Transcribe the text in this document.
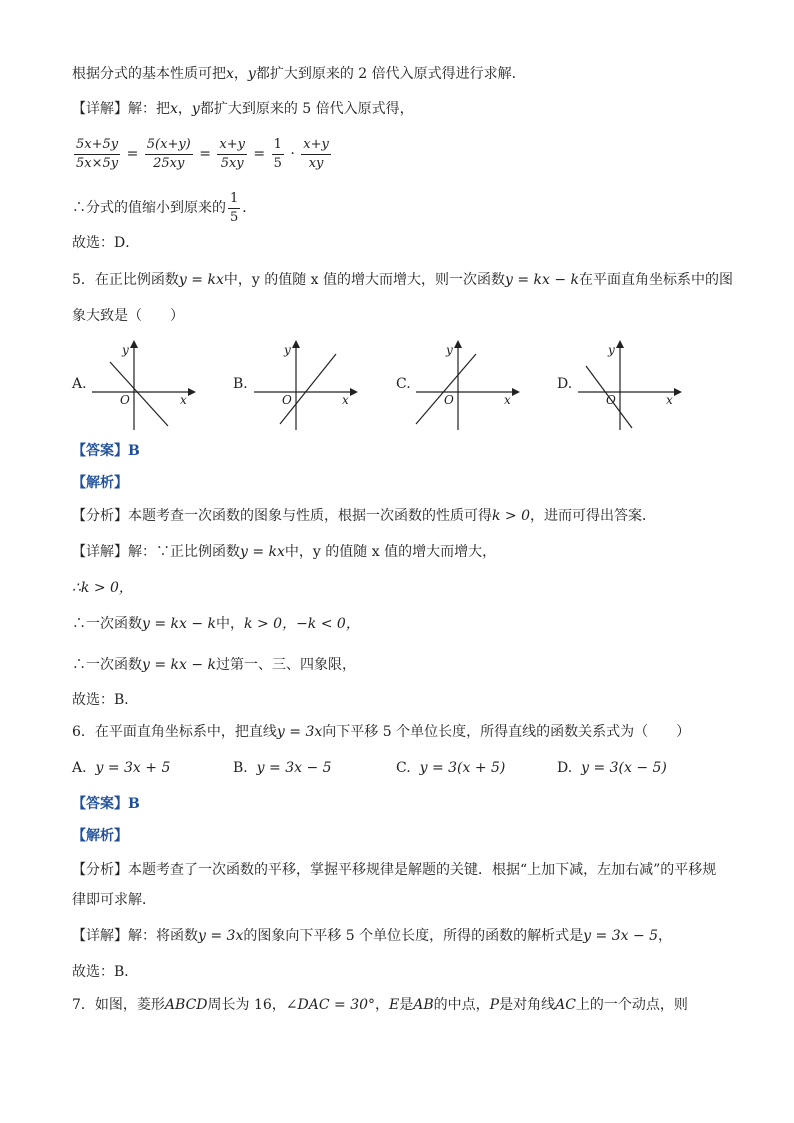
根据分式的基本性质可把x，y都扩大到原来的 2 倍代入原式得进行求解．
【详解】解：把x，y都扩大到原来的 5 倍代入原式得，
$\frac{5x+5y}{5x\times 5y} = \frac{5(x+y)}{25xy} = \frac{x+y}{5xy} = \frac{1}{5} \cdot \frac{x+y}{xy}$
∴分式的值缩小到原来的 $\frac{1}{5}$ ．
故选：D．
5．在正比例函数y = kx中，y 的值随 x 值的增大而增大，则一次函数y = kx − k在平面直角坐标系中的图
象大致是（　　）
A.
y
x
O
B.
y
x
O
C.
y
x
O
D.
y
x
O
【答案】B
【解析】
【分析】本题考查一次函数的图象与性质，根据一次函数的性质可得k > 0，进而可得出答案．
【详解】解：∵正比例函数y = kx中，y 的值随 x 值的增大而增大，
∴k > 0，
∴一次函数y = kx − k中，k > 0，−k < 0，
∴一次函数y = kx − k过第一、三、四象限，
故选：B．
6．在平面直角坐标系中，把直线y = 3x向下平移 5 个单位长度，所得直线的函数关系式为（　　）
A. y = 3x + 5	B. y = 3x − 5	C. y = 3(x + 5)	D. y = 3(x − 5)
【答案】B
【解析】
【分析】本题考查了一次函数的平移，掌握平移规律是解题的关键．根据“上加下减，左加右减”的平移规
律即可求解．
【详解】解：将函数y = 3x的图象向下平移 5 个单位长度，所得的函数的解析式是y = 3x − 5，
故选：B．
7．如图，菱形ABCD周长为 16，∠DAC = 30°，E是AB的中点，P是对角线AC上的一个动点，则
